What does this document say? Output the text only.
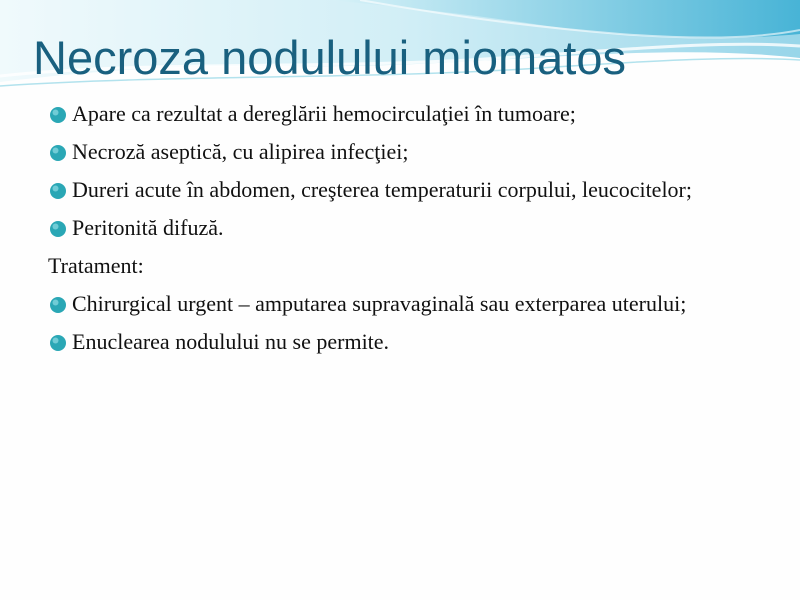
Necroza nodulului miomatos
Apare ca rezultat a dereglării hemocirculaţiei în tumoare;
Necroză aseptică, cu alipirea infecţiei;
Dureri acute în abdomen, creşterea temperaturii corpului, leucocitelor;
Peritonită difuză.
Tratament:
Chirurgical urgent – amputarea supravaginală sau exterparea uterului;
Enuclearea nodulului nu se permite.
